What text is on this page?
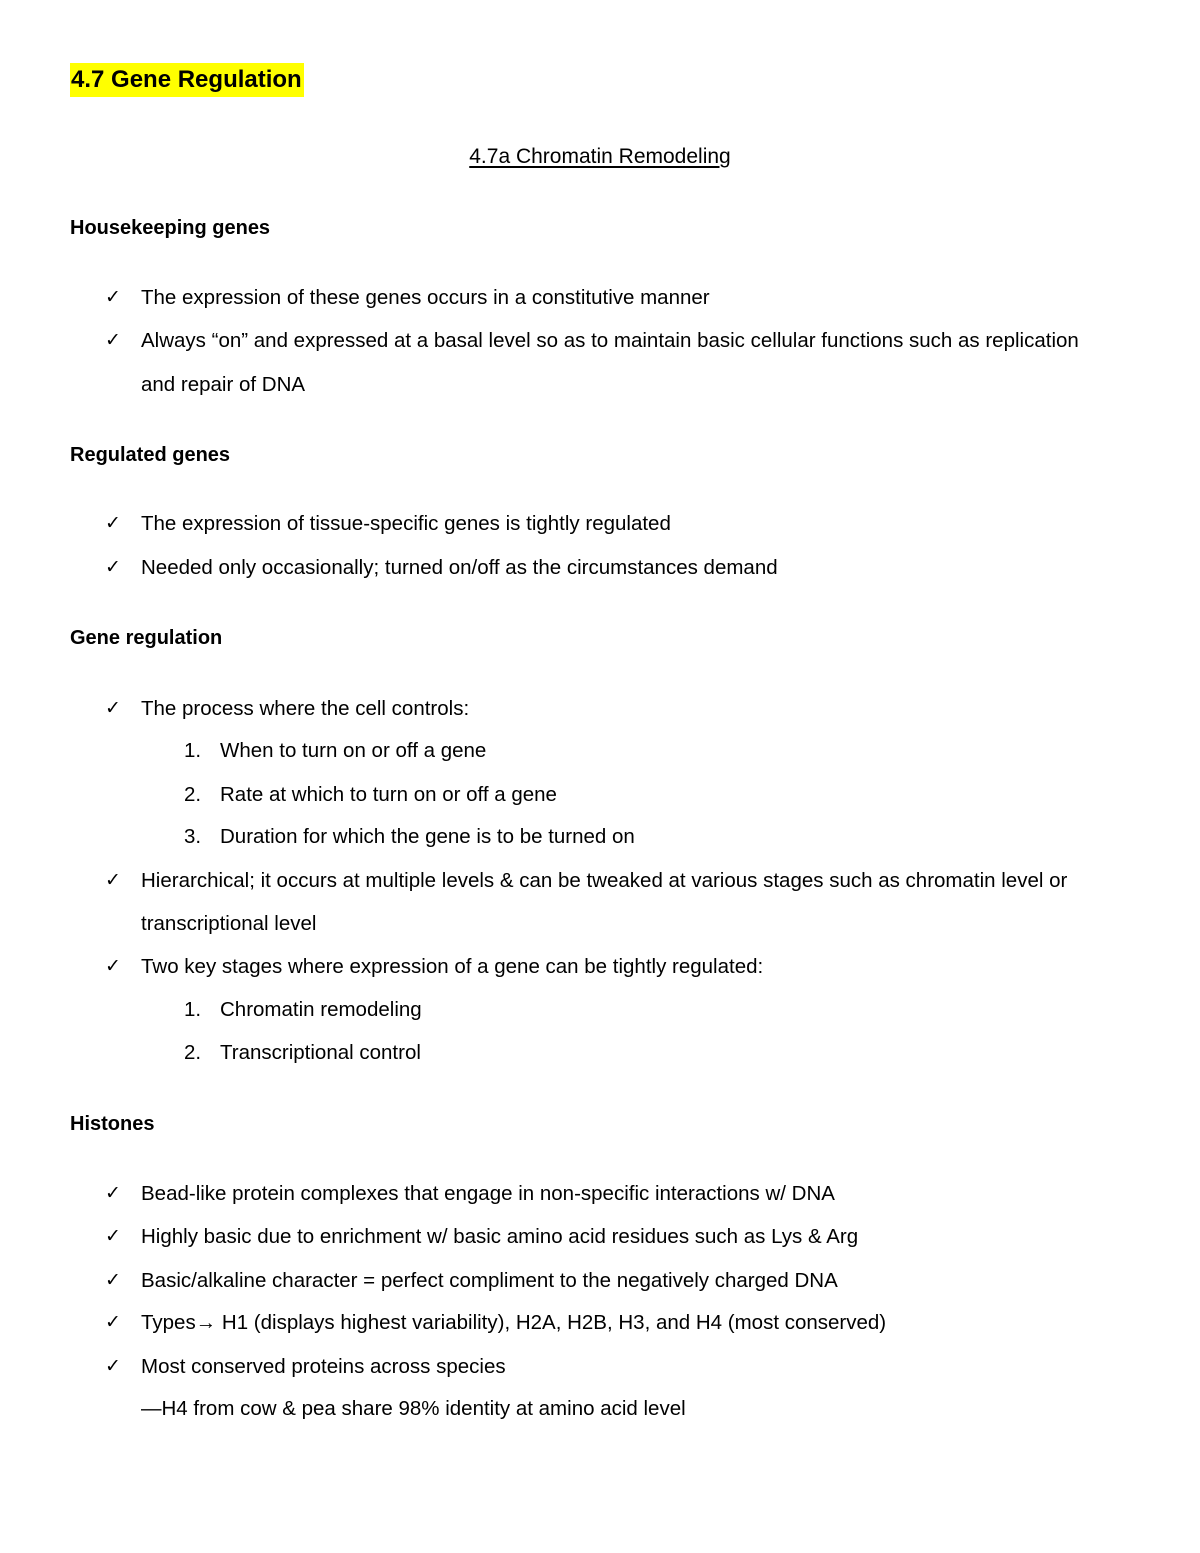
4.7 Gene Regulation
4.7a Chromatin Remodeling
Housekeeping genes
✓ The expression of these genes occurs in a constitutive manner
✓ Always “on” and expressed at a basal level so as to maintain basic cellular functions such as replication
and repair of DNA
Regulated genes
✓ The expression of tissue-specific genes is tightly regulated
✓ Needed only occasionally; turned on/off as the circumstances demand
Gene regulation
✓ The process where the cell controls:
1. When to turn on or off a gene
2. Rate at which to turn on or off a gene
3. Duration for which the gene is to be turned on
✓ Hierarchical; it occurs at multiple levels & can be tweaked at various stages such as chromatin level or
transcriptional level
✓ Two key stages where expression of a gene can be tightly regulated:
1. Chromatin remodeling
2. Transcriptional control
Histones
✓ Bead-like protein complexes that engage in non-specific interactions w/ DNA
✓ Highly basic due to enrichment w/ basic amino acid residues such as Lys & Arg
✓ Basic/alkaline character = perfect compliment to the negatively charged DNA
✓ Types→ H1 (displays highest variability), H2A, H2B, H3, and H4 (most conserved)
✓ Most conserved proteins across species
—H4 from cow & pea share 98% identity at amino acid level
